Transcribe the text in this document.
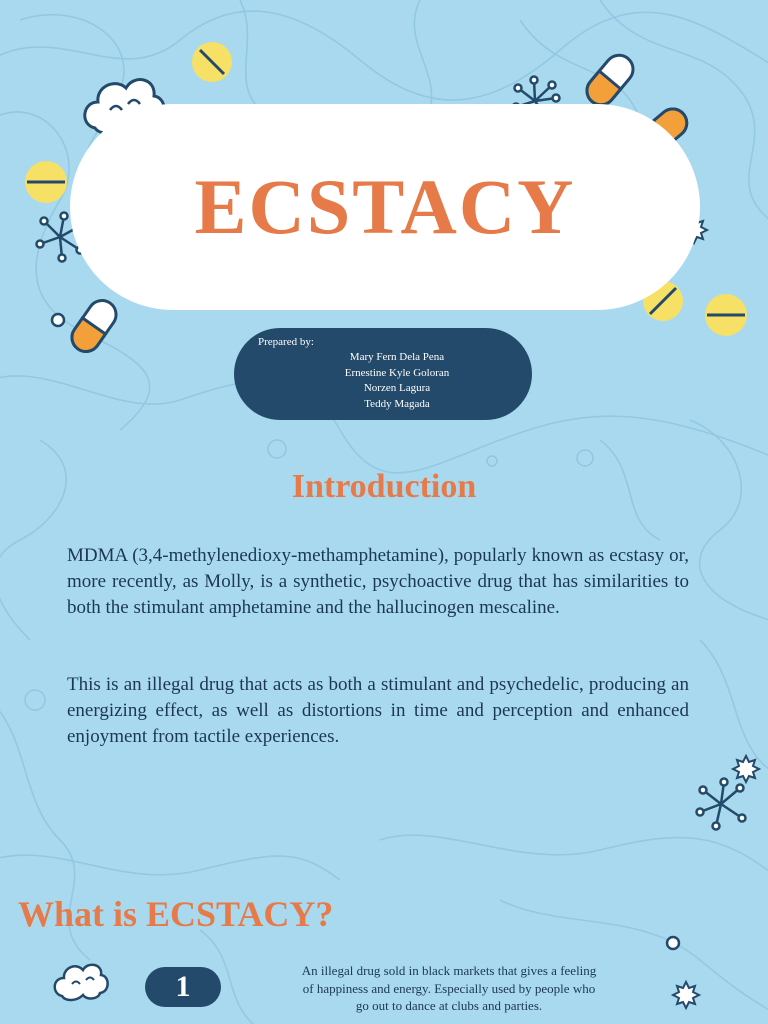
ECSTACY
Prepared by:
Mary Fern Dela Pena
Ernestine Kyle Goloran
Norzen Lagura
Teddy Magada
Introduction

MDMA (3,4-methylenedioxy-methamphetamine), popularly known as ecstasy or, more recently, as Molly, is a synthetic, psychoactive drug that has similarities to both the stimulant amphetamine and the hallucinogen mescaline.

This is an illegal drug that acts as both a stimulant and psychedelic, producing an energizing effect, as well as distortions in time and perception and enhanced enjoyment from tactile experiences.

What is ECSTACY?
1	An illegal drug sold in black markets that gives a feeling of happiness and energy. Especially used by people who go out to dance at clubs and parties.
